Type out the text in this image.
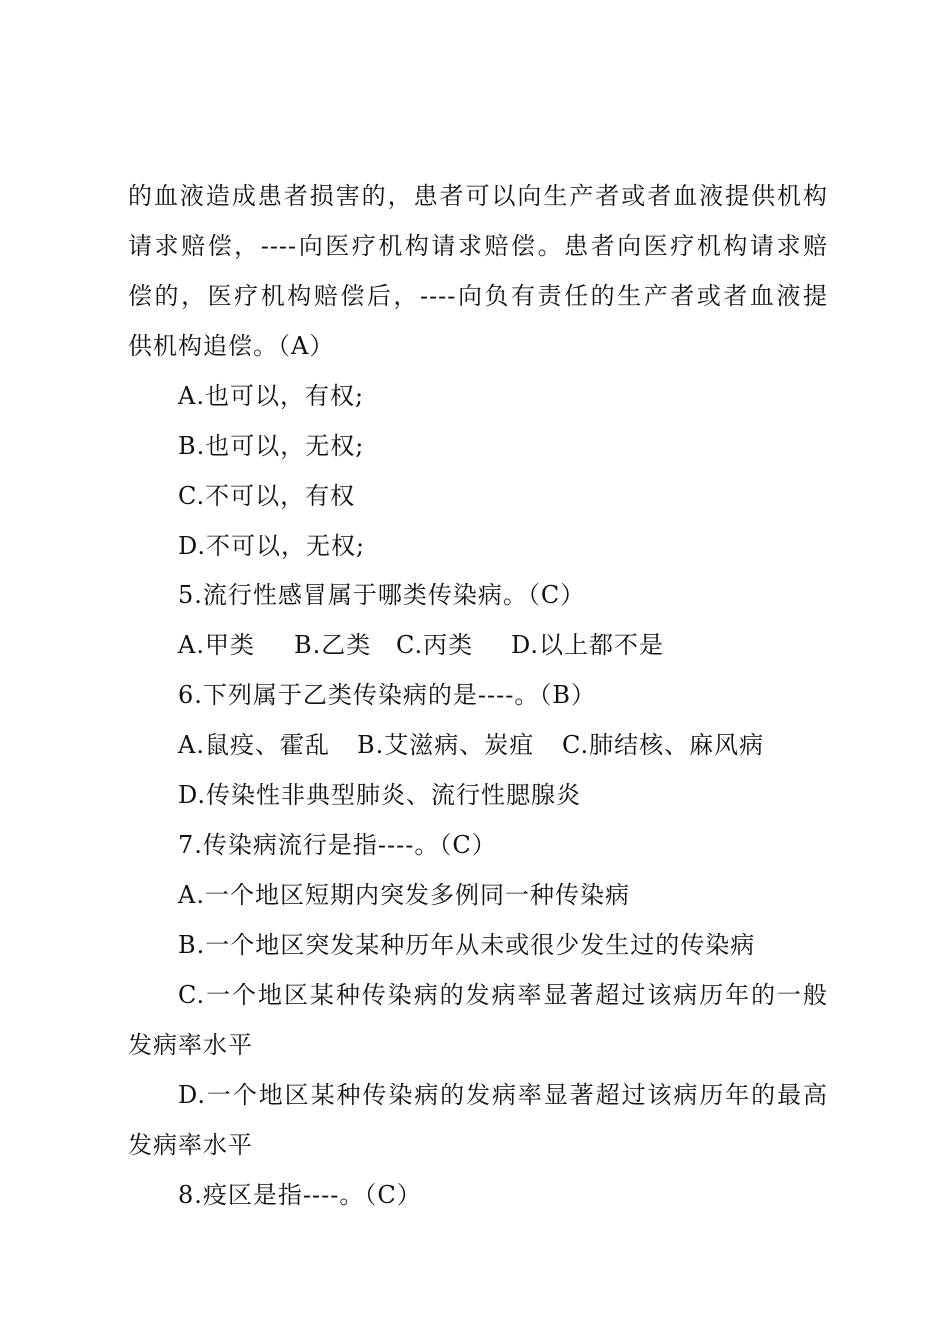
的血液造成患者损害的，患者可以向生产者或者血液提供机构
请求赔偿，----向医疗机构请求赔偿。患者向医疗机构请求赔
偿的，医疗机构赔偿后，----向负有责任的生产者或者血液提
供机构追偿。（A）
A.也可以，有权;
B.也可以，无权;
C.不可以，有权
D.不可以，无权;
5.流行性感冒属于哪类传染病。（C）
A.甲类 B.乙类 C.丙类 D.以上都不是
6.下列属于乙类传染病的是----。（B）
A.鼠疫、霍乱 B.艾滋病、炭疽 C.肺结核、麻风病
D.传染性非典型肺炎、流行性腮腺炎
7.传染病流行是指----。（C）
A.一个地区短期内突发多例同一种传染病
B.一个地区突发某种历年从未或很少发生过的传染病
C.一个地区某种传染病的发病率显著超过该病历年的一般
发病率水平
D.一个地区某种传染病的发病率显著超过该病历年的最高
发病率水平
8.疫区是指----。（C）
